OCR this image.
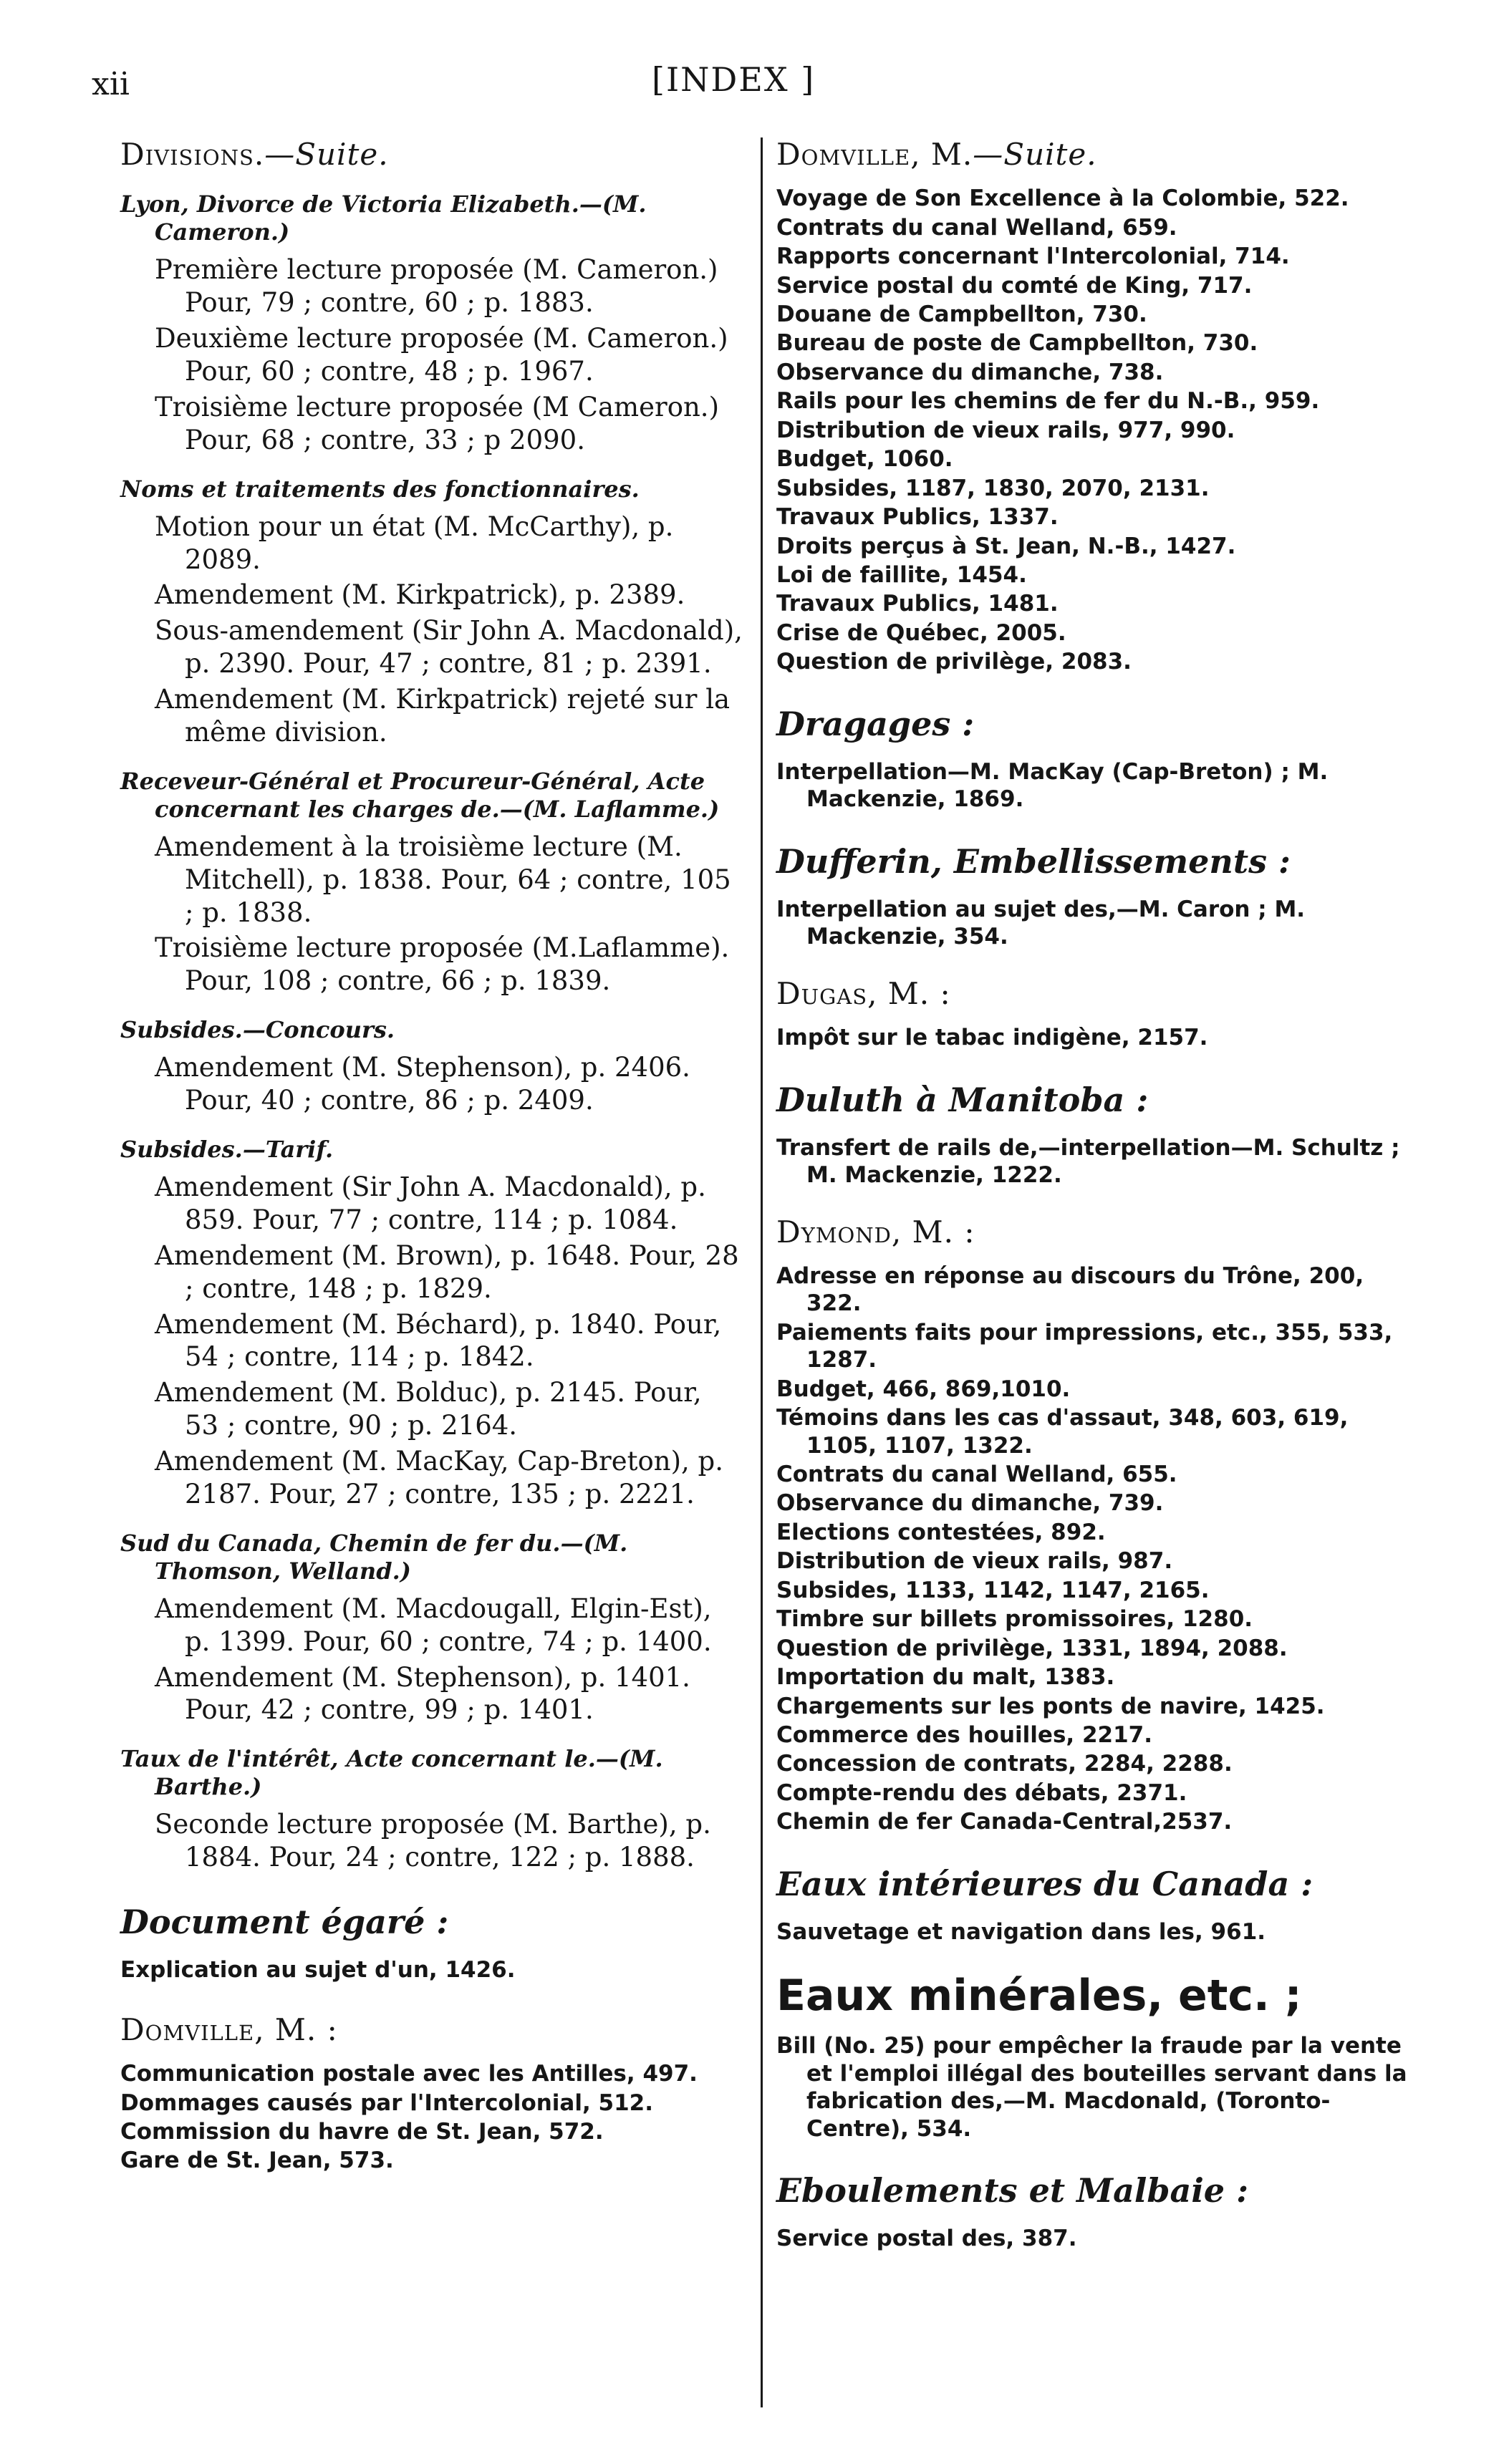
xii	[INDEX ]
Divisions.—Suite.
Lyon, Divorce de Victoria Elizabeth.—(M. Cameron.)

Première lecture proposée (M. Cameron.) Pour, 79 ; contre, 60 ; p. 1883.

Deuxième lecture proposée (M. Cameron.) Pour, 60 ; contre, 48 ; p. 1967.

Troisième lecture proposée (M Cameron.) Pour, 68 ; contre, 33 ; p 2090.

Noms et traitements des fonctionnaires.

Motion pour un état (M. McCarthy), p. 2089.

Amendement (M. Kirkpatrick), p. 2389.

Sous-amendement (Sir John A. Macdonald), p. 2390. Pour, 47 ; contre, 81 ; p. 2391.

Amendement (M. Kirkpatrick) rejeté sur la même division.

Receveur-Général et Procureur-Général, Acte concernant les charges de.—(M. Laflamme.)

Amendement à la troisième lecture (M. Mitchell), p. 1838. Pour, 64 ; contre, 105 ; p. 1838.

Troisième lecture proposée (M.Laflamme). Pour, 108 ; contre, 66 ; p. 1839.

Subsides.—Concours.

Amendement (M. Stephenson), p. 2406. Pour, 40 ; contre, 86 ; p. 2409.

Subsides.—Tarif.

Amendement (Sir John A. Macdonald), p. 859. Pour, 77 ; contre, 114 ; p. 1084.

Amendement (M. Brown), p. 1648. Pour, 28 ; contre, 148 ; p. 1829.

Amendement (M. Béchard), p. 1840. Pour, 54 ; contre, 114 ; p. 1842.

Amendement (M. Bolduc), p. 2145. Pour, 53 ; contre, 90 ; p. 2164.

Amendement (M. MacKay, Cap-Breton), p. 2187. Pour, 27 ; contre, 135 ; p. 2221.

Sud du Canada, Chemin de fer du.—(M. Thomson, Welland.)

Amendement (M. Macdougall, Elgin-Est), p. 1399. Pour, 60 ; contre, 74 ; p. 1400.

Amendement (M. Stephenson), p. 1401. Pour, 42 ; contre, 99 ; p. 1401.

Taux de l'intérêt, Acte concernant le.—(M. Barthe.)

Seconde lecture proposée (M. Barthe), p. 1884. Pour, 24 ; contre, 122 ; p. 1888.

Document égaré :

Explication au sujet d'un, 1426.

Domville, M. :

Communication postale avec les Antilles, 497.

Dommages causés par l'Intercolonial, 512.

Commission du havre de St. Jean, 572.

Gare de St. Jean, 573.

Domville, M.—Suite.

Voyage de Son Excellence à la Colombie, 522.

Contrats du canal Welland, 659.

Rapports concernant l'Intercolonial, 714.

Service postal du comté de King, 717.

Douane de Campbellton, 730.

Bureau de poste de Campbellton, 730.

Observance du dimanche, 738.

Rails pour les chemins de fer du N.-B., 959.

Distribution de vieux rails, 977, 990.

Budget, 1060.

Subsides, 1187, 1830, 2070, 2131.

Travaux Publics, 1337.

Droits perçus à St. Jean, N.-B., 1427.

Loi de faillite, 1454.

Travaux Publics, 1481.

Crise de Québec, 2005.

Question de privilège, 2083.

Dragages :

Interpellation—M. MacKay (Cap-Breton) ; M. Mackenzie, 1869.

Dufferin, Embellissements :

Interpellation au sujet des,—M. Caron ; M. Mackenzie, 354.

Dugas, M. :

Impôt sur le tabac indigène, 2157.

Duluth à Manitoba :

Transfert de rails de,—interpellation—M. Schultz ; M. Mackenzie, 1222.

Dymond, M. :

Adresse en réponse au discours du Trône, 200, 322.

Paiements faits pour impressions, etc., 355, 533, 1287.

Budget, 466, 869,1010.

Témoins dans les cas d'assaut, 348, 603, 619, 1105, 1107, 1322.

Contrats du canal Welland, 655.

Observance du dimanche, 739.

Elections contestées, 892.

Distribution de vieux rails, 987.

Subsides, 1133, 1142, 1147, 2165.

Timbre sur billets promissoires, 1280.

Question de privilège, 1331, 1894, 2088.

Importation du malt, 1383.

Chargements sur les ponts de navire, 1425.

Commerce des houilles, 2217.

Concession de contrats, 2284, 2288.

Compte-rendu des débats, 2371.

Chemin de fer Canada-Central,2537.

Eaux intérieures du Canada :

Sauvetage et navigation dans les, 961.

Eaux minérales, etc. ;

Bill (No. 25) pour empêcher la fraude par la vente et l'emploi illégal des bouteilles servant dans la fabrication des,—M. Macdonald, (Toronto-Centre), 534.

Eboulements et Malbaie :

Service postal des, 387.
